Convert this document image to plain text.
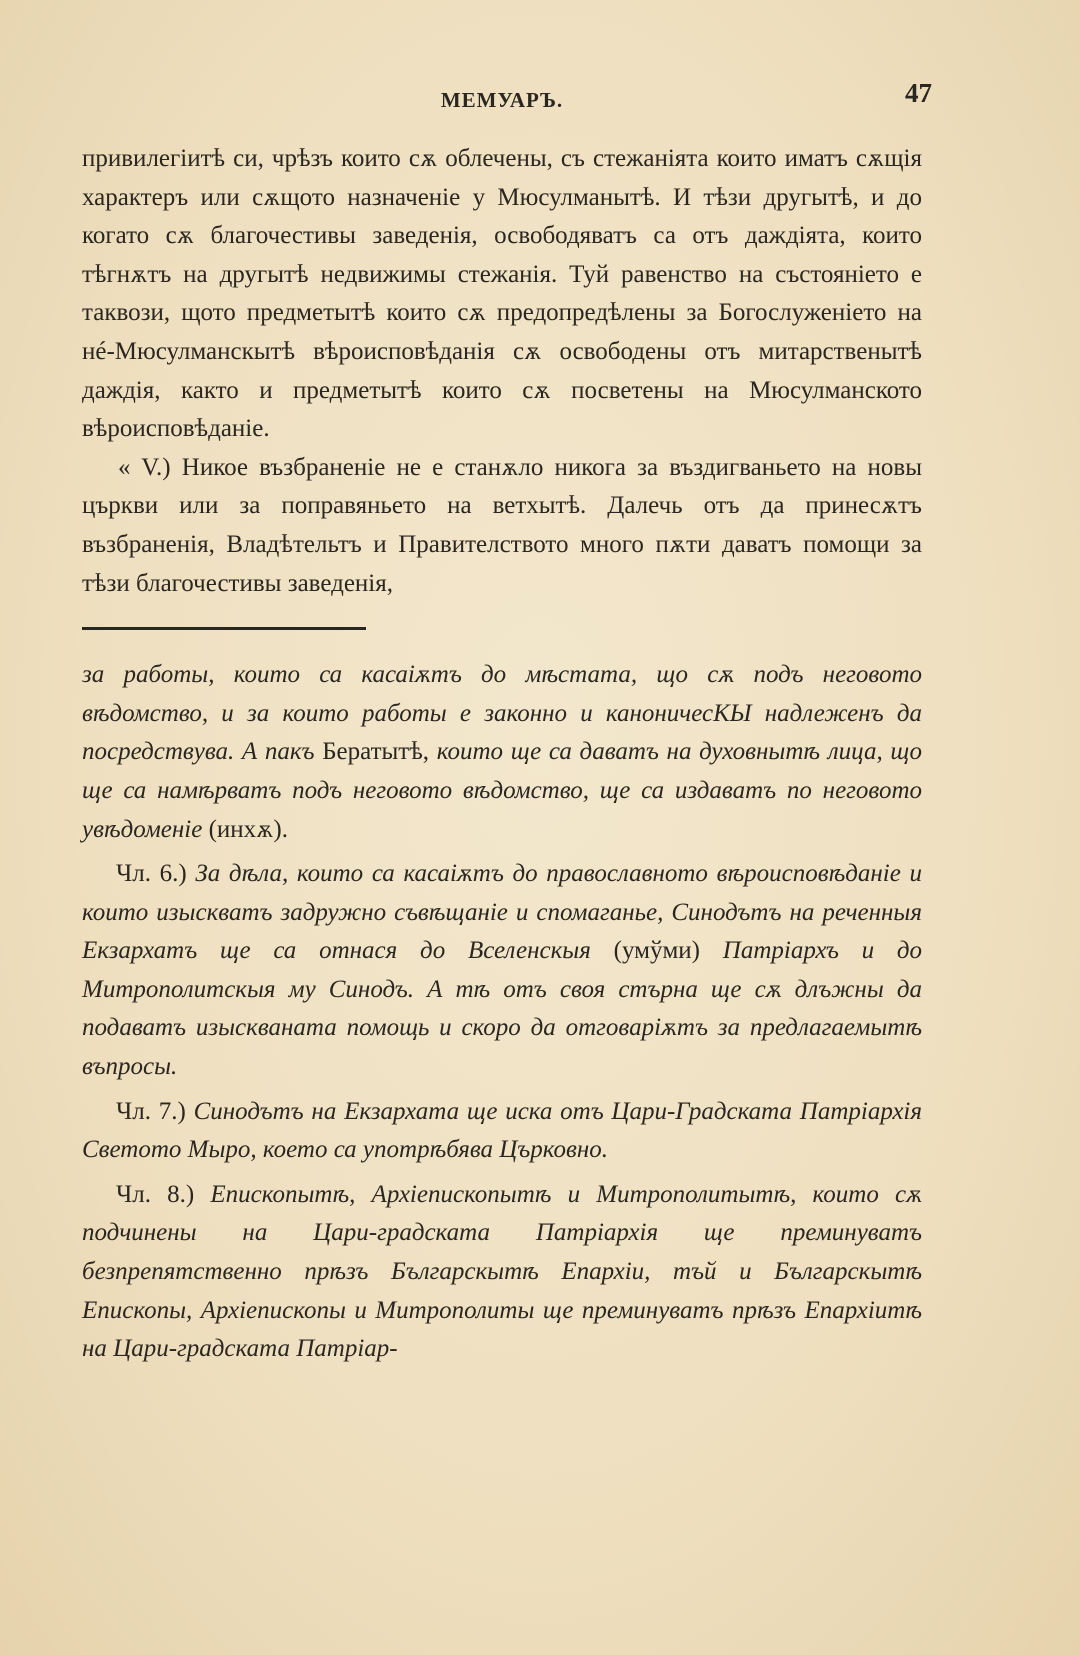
МЕМУАРЪ.	47

привилегіитѣ си, чрѣзъ които сѫ облечены, съ стежаніята които иматъ сѫщія характеръ или сѫщото назначеніе у Мюсулманытѣ. И тѣзи другытѣ, и до когато сѫ благочестивы заведенія, освободяватъ са отъ даждіята, които тѣгнѫтъ на другытѣ недвижимы стежанія. Туй равенство на състояніето е таквози, щото предметытѣ които сѫ предопредѣлены за Богослуженіето на нé-Мюсулманскытѣ вѣроисповѣданія сѫ освободены отъ митарственытѣ даждія, както и предметытѣ които сѫ посветены на Мюсулманското вѣроисповѣданіе.

« V.) Никое възбраненіе не е станѫло никога за въздигваньето на новы църкви или за поправяньето на ветхытѣ. Далечь отъ да принесѫтъ възбраненія, Владѣтельтъ и Правителството много пѫти даватъ помощи за тѣзи благочестивы заведенія,

за работы, които са касаіѫтъ до мѣстата, що сѫ подъ неговото вѣдомство, и за които работы е законно и каноничесКЫ надлеженъ да посредствува. А пакъ Бератытѣ, които ще са даватъ на духовнытѣ лица, що ще са намѣрватъ подъ неговото вѣдомство, ще са издаватъ по неговото увѣдоменіе (инхѫ).

Чл. 6.) За дѣла, които са касаіѫтъ до православното вѣроисповѣданіе и които изыскватъ задружно съвѣщаніе и спомаганье, Синодътъ на реченныя Екзархатъ ще са отнася до Вселенскыя (умўми) Патріархъ и до Митрополитскыя му Синодъ. А тѣ отъ своя стърна ще сѫ длъжны да подаватъ изыскваната помощь и скоро да отговаріѫтъ за предлагаемытѣ въпросы.

Чл. 7.) Синодътъ на Екзархата ще иска отъ Цари-Градската Патріархія Светото Мыро, което са употрѣбява Църковно.

Чл. 8.) Епископытѣ, Архіепископытѣ и Митрополитытѣ, които сѫ подчинены на Цари-градската Патріархія ще преминуватъ безпрепятственно прѣзъ Българскытѣ Епархіи, тъй и Българскытѣ Епископы, Архіепископы и Митрополиты ще преминуватъ прѣзъ Епархіитѣ на Цари-градската Патріар-
